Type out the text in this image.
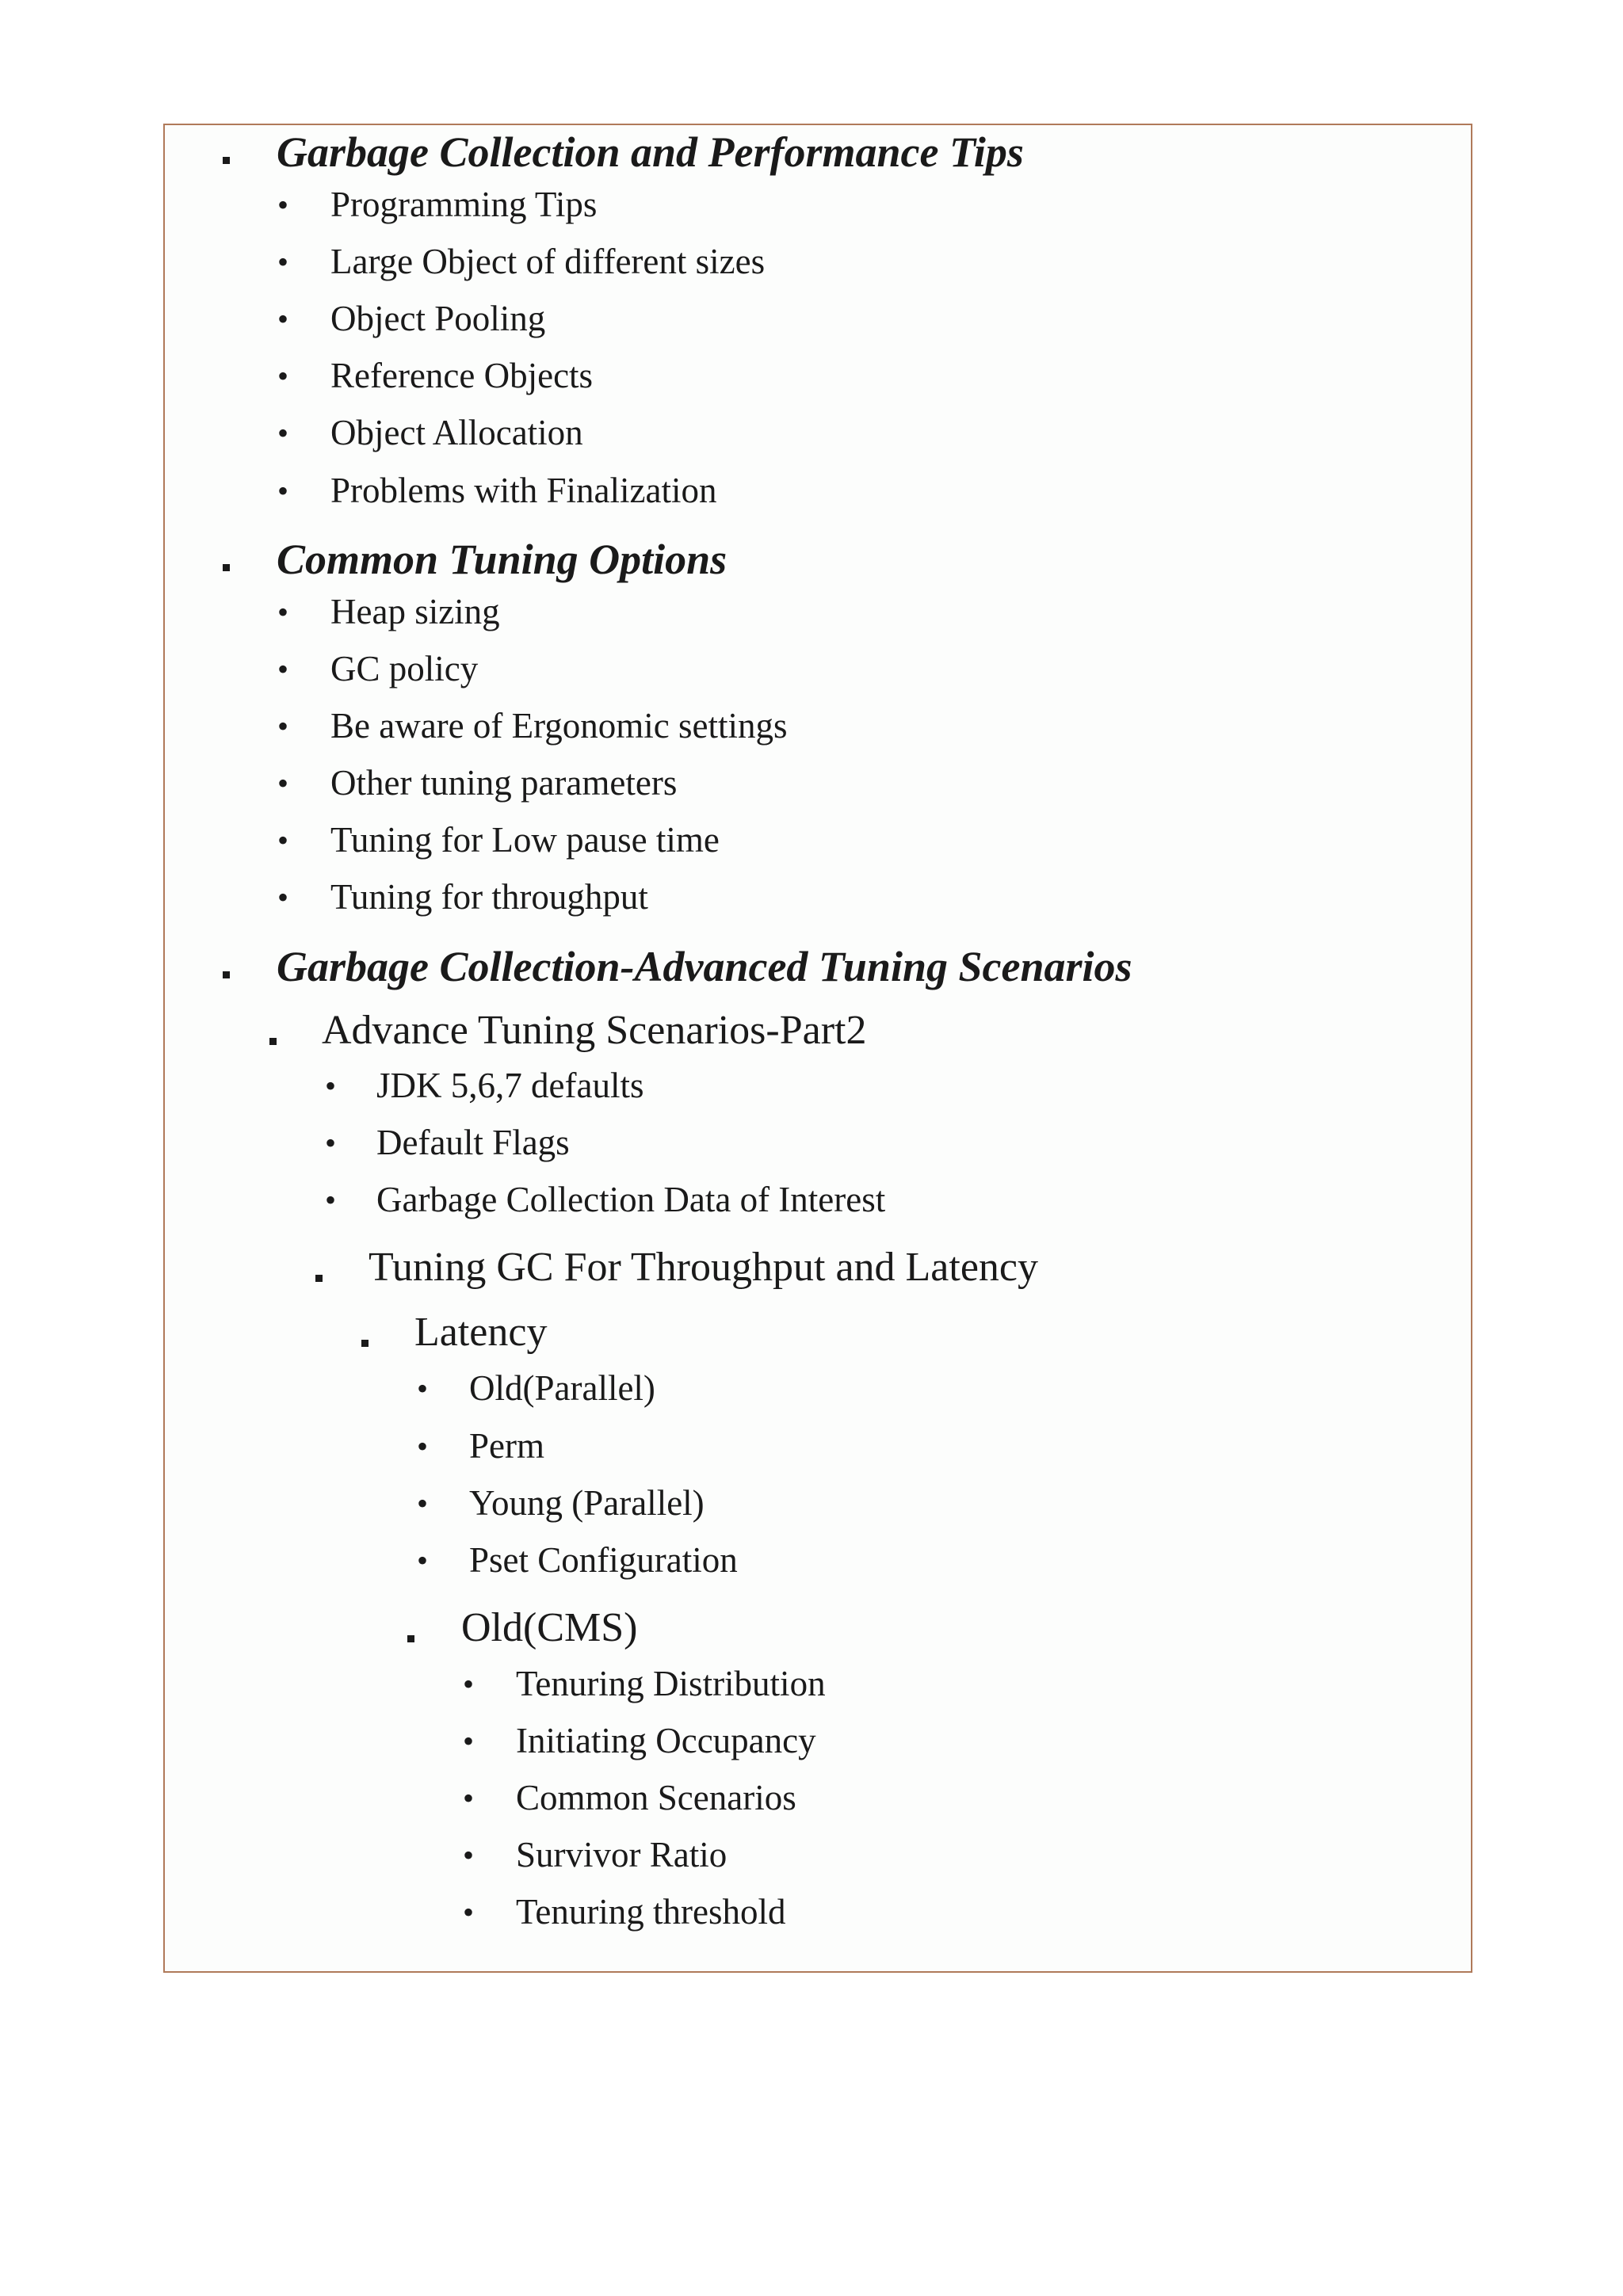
Garbage Collection and Performance Tips
• Programming Tips
• Large Object of different sizes
• Object Pooling
• Reference Objects
• Object Allocation
• Problems with Finalization
Common Tuning Options
• Heap sizing
• GC policy
• Be aware of Ergonomic settings
• Other tuning parameters
• Tuning for Low pause time
• Tuning for throughput
Garbage Collection-Advanced Tuning Scenarios
Advance Tuning Scenarios-Part2
• JDK 5,6,7 defaults
• Default Flags
• Garbage Collection Data of Interest
Tuning GC For Throughput and Latency
Latency
• Old(Parallel)
• Perm
• Young (Parallel)
• Pset Configuration
Old(CMS)
• Tenuring Distribution
• Initiating Occupancy
• Common Scenarios
• Survivor Ratio
• Tenuring threshold
